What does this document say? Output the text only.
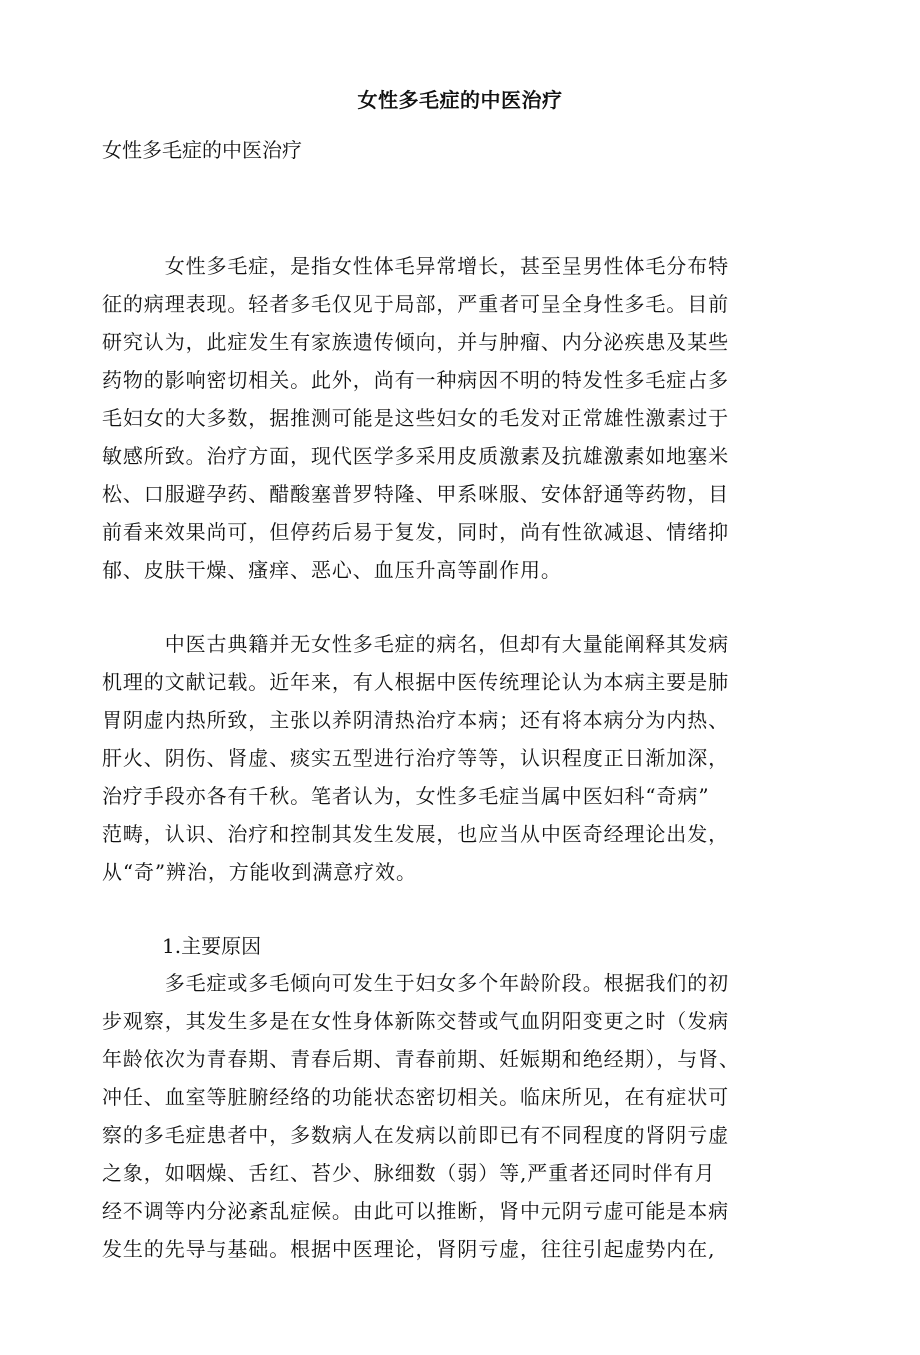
女性多毛症的中医治疗
女性多毛症的中医治疗
　　　女性多毛症，是指女性体毛异常增长，甚至呈男性体毛分布特
征的病理表现。轻者多毛仅见于局部，严重者可呈全身性多毛。目前
研究认为，此症发生有家族遗传倾向，并与肿瘤、内分泌疾患及某些
药物的影响密切相关。此外，尚有一种病因不明的特发性多毛症占多
毛妇女的大多数，据推测可能是这些妇女的毛发对正常雄性激素过于
敏感所致。治疗方面，现代医学多采用皮质激素及抗雄激素如地塞米
松、口服避孕药、醋酸塞普罗特隆、甲系咪服、安体舒通等药物，目
前看来效果尚可，但停药后易于复发，同时，尚有性欲减退、情绪抑
郁、皮肤干燥、瘙痒、恶心、血压升高等副作用。
　　　中医古典籍并无女性多毛症的病名，但却有大量能阐释其发病
机理的文献记载。近年来，有人根据中医传统理论认为本病主要是肺
胃阴虚内热所致，主张以养阴清热治疗本病；还有将本病分为内热、
肝火、阴伤、肾虚、痰实五型进行治疗等等，认识程度正日渐加深，
治疗手段亦各有千秋。笔者认为，女性多毛症当属中医妇科“奇病”
范畴，认识、治疗和控制其发生发展，也应当从中医奇经理论出发，
从“奇”辨治，方能收到满意疗效。
1.主要原因
　　　多毛症或多毛倾向可发生于妇女多个年龄阶段。根据我们的初
步观察，其发生多是在女性身体新陈交替或气血阴阳变更之时（发病
年龄依次为青春期、青春后期、青春前期、妊娠期和绝经期），与肾、
冲任、血室等脏腑经络的功能状态密切相关。临床所见，在有症状可
察的多毛症患者中，多数病人在发病以前即已有不同程度的肾阴亏虚
之象，如咽燥、舌红、苔少、脉细数（弱）等,严重者还同时伴有月
经不调等内分泌紊乱症候。由此可以推断，肾中元阴亏虚可能是本病
发生的先导与基础。根据中医理论，肾阴亏虚，往往引起虚势内在,
